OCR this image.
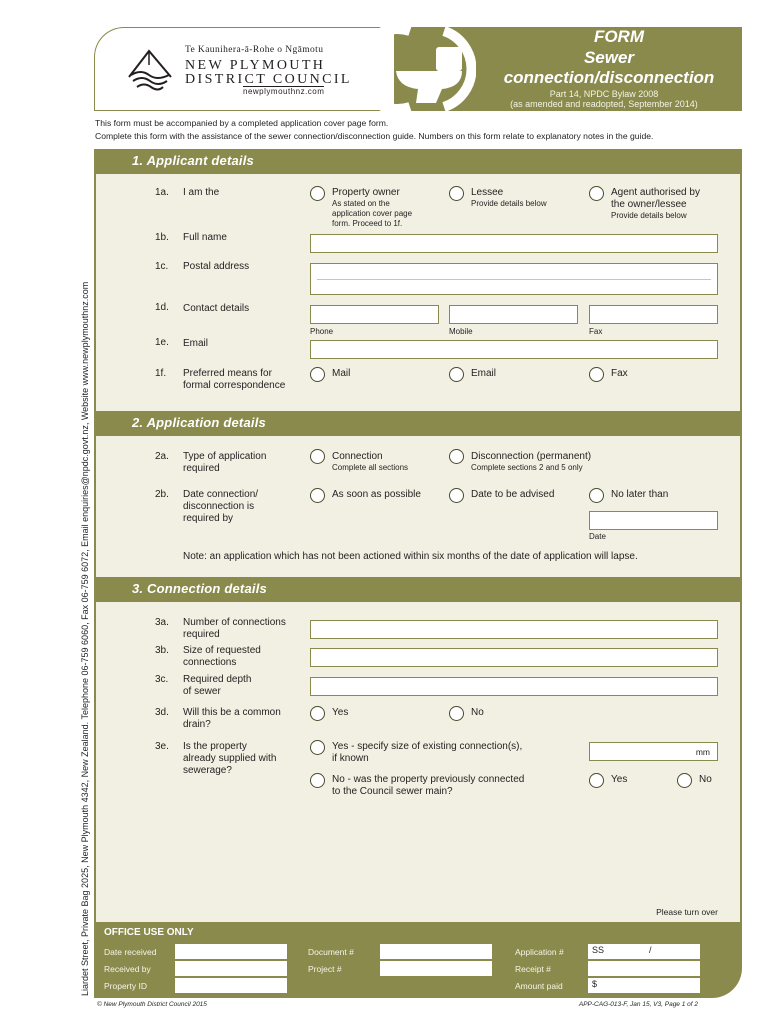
Liardet Street, Private Bag 2025, New Plymouth 4342, New Zealand. Telephone 06-759 6060, Fax 06-759 6072, Email enquiries@npdc.govt.nz, Website www.newplymouthnz.com
Te Kaunihera-ā-Rohe o Ngāmotu
NEW PLYMOUTH
DISTRICT COUNCIL
newplymouthnz.com
FORM
Sewer
connection/disconnection
Part 14, NPDC Bylaw 2008
(as amended and readopted, September 2014)
This form must be accompanied by a completed application cover page form.
Complete this form with the assistance of the sewer connection/disconnection guide. Numbers on this form relate to explanatory notes in the guide.
1. Applicant details
1a. I am the	Property owner
As stated on the
application cover page
form. Proceed to 1f.
Lessee
Provide details below
Agent authorised by
the owner/lessee
Provide details below
1b. Full name
1c. Postal address
1d. Contact details
Phone	Mobile	Fax
1e. Email
1f. Preferred means for
formal correspondence
Mail	Email	Fax
2. Application details
2a. Type of application
required
Connection
Complete all sections
Disconnection (permanent)
Complete sections 2 and 5 only
2b. Date connection/
disconnection is
required by
As soon as possible	Date to be advised	No later than
Date
Note: an application which has not been actioned within six months of the date of application will lapse.
3. Connection details
3a. Number of connections
required
3b. Size of requested
connections
3c. Required depth
of sewer
3d. Will this be a common
drain?
Yes	No
3e. Is the property
already supplied with
sewerage?
Yes - specify size of existing connection(s),
if known
mm
No - was the property previously connected
to the Council sewer main?
Yes	No
Please turn over
OFFICE USE ONLY
Date received
Received by
Property ID
Document #
Project #
Application #	SS	/
Receipt #
Amount paid	$
© New Plymouth District Council 2015	APP-CAG-013-F, Jan 15, V3, Page 1 of 2
